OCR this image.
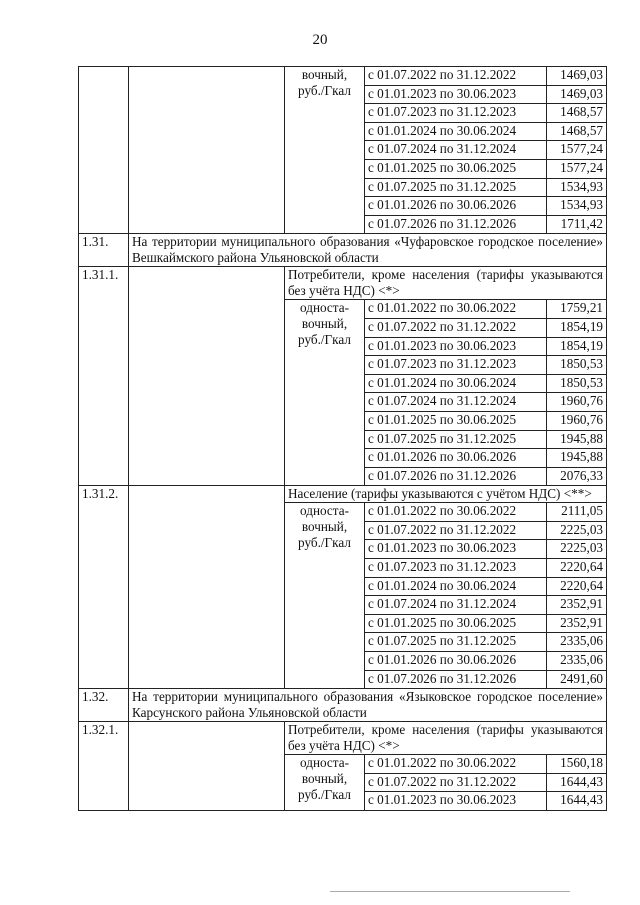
20
		вочный, руб./Гкал	с 01.07.2022 по 31.12.2022	1469,03
			с 01.01.2023 по 30.06.2023	1469,03
			с 01.07.2023 по 31.12.2023	1468,57
			с 01.01.2024 по 30.06.2024	1468,57
			с 01.07.2024 по 31.12.2024	1577,24
			с 01.01.2025 по 30.06.2025	1577,24
			с 01.07.2025 по 31.12.2025	1534,93
			с 01.01.2026 по 30.06.2026	1534,93
			с 01.07.2026 по 31.12.2026	1711,42
1.31.	На территории муниципального образования «Чуфаровское городское поселение» Вешкаймского района Ульяновской области			
1.31.1.		Потребители, кроме населения (тарифы указываются без учёта НДС) <*>		
		односта-вочный, руб./Гкал	с 01.01.2022 по 30.06.2022	1759,21
			с 01.07.2022 по 31.12.2022	1854,19
			с 01.01.2023 по 30.06.2023	1854,19
			с 01.07.2023 по 31.12.2023	1850,53
			с 01.01.2024 по 30.06.2024	1850,53
			с 01.07.2024 по 31.12.2024	1960,76
			с 01.01.2025 по 30.06.2025	1960,76
			с 01.07.2025 по 31.12.2025	1945,88
			с 01.01.2026 по 30.06.2026	1945,88
			с 01.07.2026 по 31.12.2026	2076,33
1.31.2.		Население (тарифы указываются с учётом НДС) <**>		
		односта-вочный, руб./Гкал	с 01.01.2022 по 30.06.2022	2111,05
			с 01.07.2022 по 31.12.2022	2225,03
			с 01.01.2023 по 30.06.2023	2225,03
			с 01.07.2023 по 31.12.2023	2220,64
			с 01.01.2024 по 30.06.2024	2220,64
			с 01.07.2024 по 31.12.2024	2352,91
			с 01.01.2025 по 30.06.2025	2352,91
			с 01.07.2025 по 31.12.2025	2335,06
			с 01.01.2026 по 30.06.2026	2335,06
			с 01.07.2026 по 31.12.2026	2491,60
1.32.	На территории муниципального образования «Языковское городское поселение» Карсунского района Ульяновской области			
1.32.1.		Потребители, кроме населения (тарифы указываются без учёта НДС) <*>		
		односта-вочный, руб./Гкал	с 01.01.2022 по 30.06.2022	1560,18
			с 01.07.2022 по 31.12.2022	1644,43
			с 01.01.2023 по 30.06.2023	1644,43
